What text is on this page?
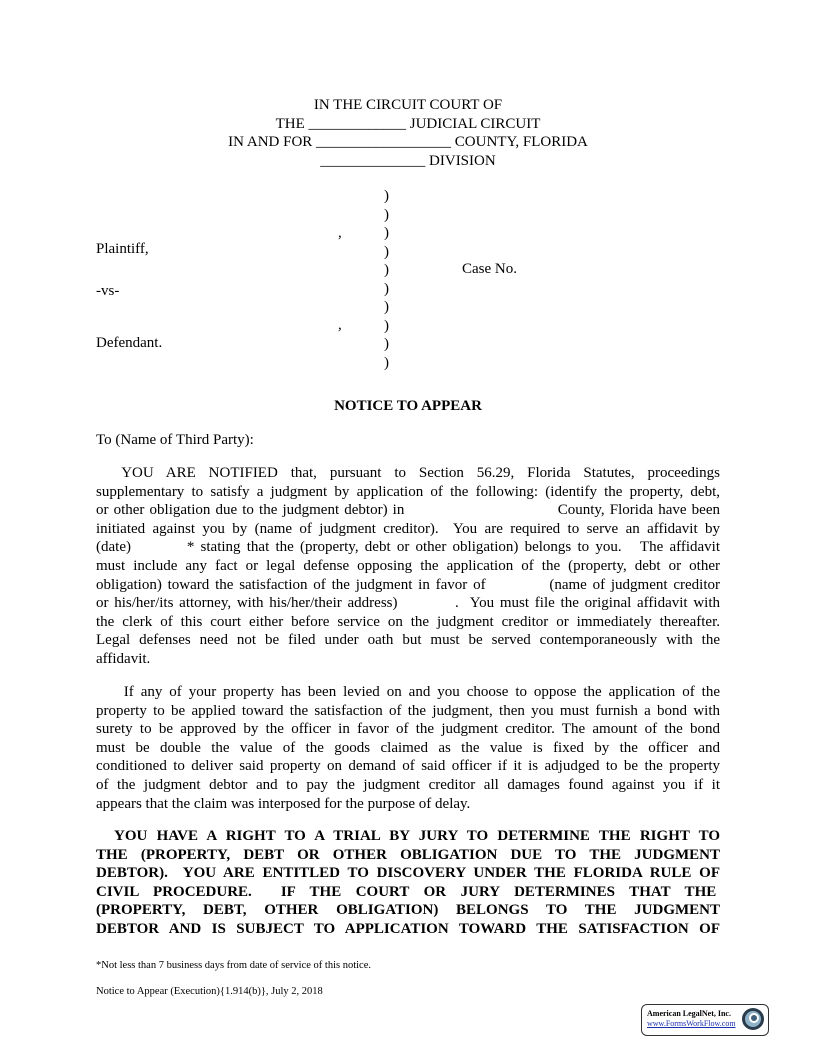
IN THE CIRCUIT COURT OF
THE _____________ JUDICIAL CIRCUIT
IN AND FOR __________________ COUNTY, FLORIDA
______________ DIVISION
,
,
Plaintiff,
-vs-
Defendant.
Case No.
)
)
)
)
)
)
)
)
)
)
NOTICE TO APPEAR
To (Name of Third Party):
YOU ARE NOTIFIED that, pursuant to Section 56.29, Florida Statutes, proceedings
supplementary to satisfy a judgment by application of the following: (identify the property, debt,
or other obligation due to the judgment debtor) in                              County, Florida have been
initiated against you by (name of judgment creditor).  You are required to serve an affidavit by
(date)         * stating that the (property, debt or other obligation) belongs to you.   The affidavit
must include any fact or legal defense opposing the application of the (property, debt or other
obligation) toward the satisfaction of the judgment in favor of           (name of judgment creditor
or his/her/its attorney, with his/her/their address)          .  You must file the original affidavit with
the clerk of this court either before service on the judgment creditor or immediately thereafter.
Legal defenses need not be filed under oath but must be served contemporaneously with the
affidavit.
If any of your property has been levied on and you choose to oppose the application of the
property to be applied toward the satisfaction of the judgment, then you must furnish a bond with
surety to be approved by the officer in favor of the judgment creditor. The amount of the bond
must be double the value of the goods claimed as the value is fixed by the officer and
conditioned to deliver said property on demand of said officer if it is adjudged to be the property
of the judgment debtor and to pay the judgment creditor all damages found against you if it
appears that the claim was interposed for the purpose of delay.
YOU HAVE A RIGHT TO A TRIAL BY JURY TO DETERMINE THE RIGHT TO
THE (PROPERTY, DEBT OR OTHER OBLIGATION DUE TO THE JUDGMENT
DEBTOR).  YOU ARE ENTITLED TO DISCOVERY UNDER THE FLORIDA RULE OF
CIVIL PROCEDURE.  IF THE COURT OR JURY DETERMINES THAT THE
(PROPERTY, DEBT, OTHER OBLIGATION) BELONGS TO THE JUDGMENT
DEBTOR AND IS SUBJECT TO APPLICATION TOWARD THE SATISFACTION OF
*Not less than 7 business days from date of service of this notice.
Notice to Appear (Execution){1.914(b)}, July 2, 2018
American LegalNet, Inc.
www.FormsWorkFlow.com
